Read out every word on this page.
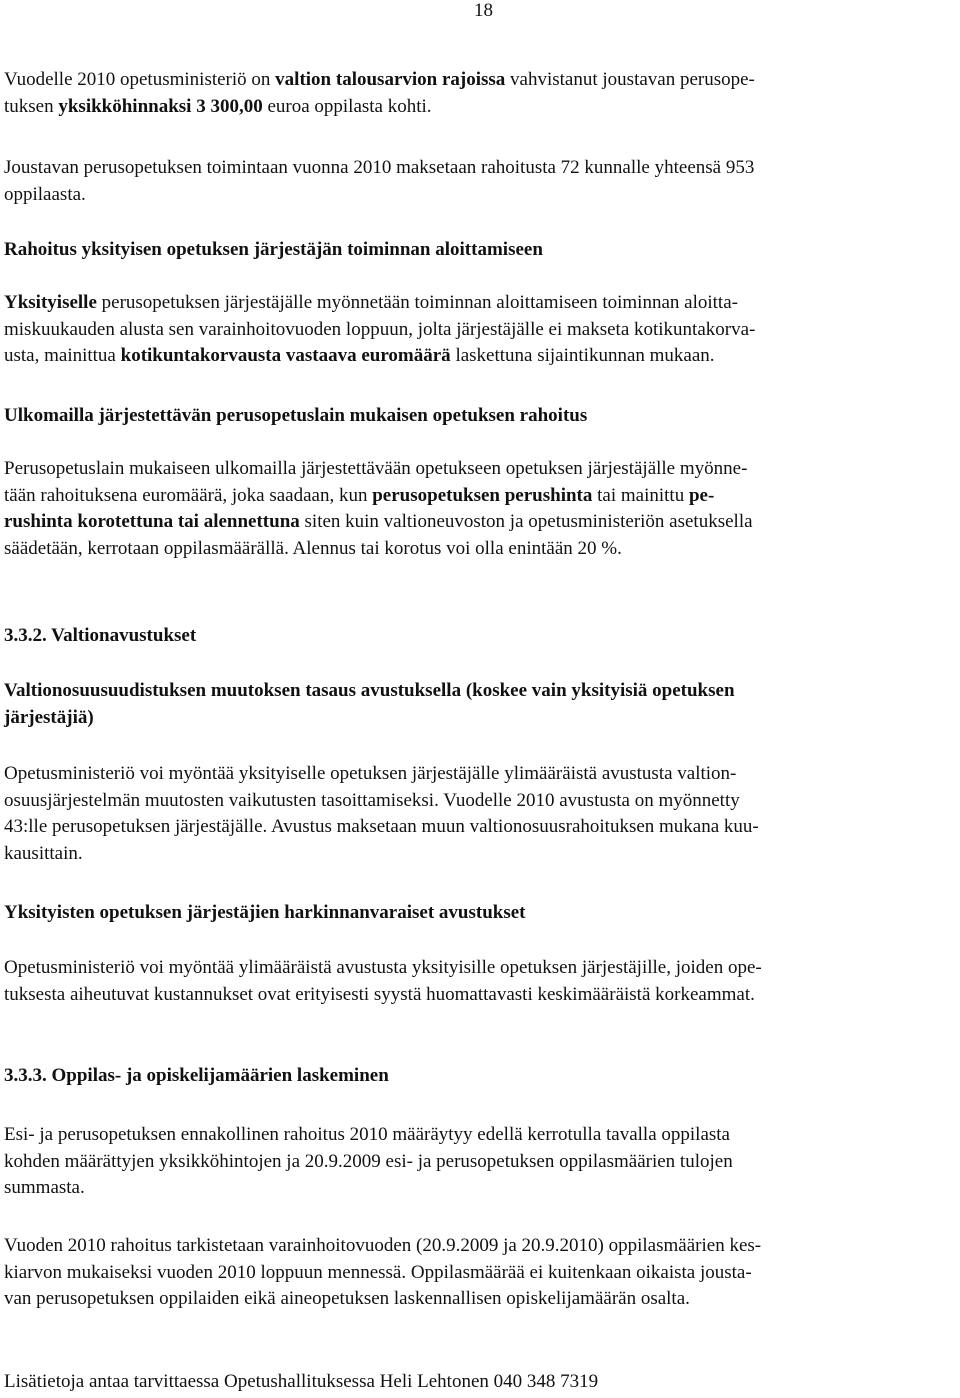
18
Vuodelle 2010 opetusministeriö on valtion talousarvion rajoissa vahvistanut joustavan perusope-
tuksen yksikköhinnaksi 3 300,00 euroa oppilasta kohti.
Joustavan perusopetuksen toimintaan vuonna 2010 maksetaan rahoitusta 72 kunnalle yhteensä 953
oppilaasta.
Rahoitus yksityisen opetuksen järjestäjän toiminnan aloittamiseen
Yksityiselle perusopetuksen järjestäjälle myönnetään toiminnan aloittamiseen toiminnan aloitta-
miskuukauden alusta sen varainhoitovuoden loppuun, jolta järjestäjälle ei makseta kotikuntakorva-
usta, mainittua kotikuntakorvausta vastaava euromäärä laskettuna sijaintikunnan mukaan.
Ulkomailla järjestettävän perusopetuslain mukaisen opetuksen rahoitus
Perusopetuslain mukaiseen ulkomailla järjestettävään opetukseen opetuksen järjestäjälle myönne-
tään rahoituksena euromäärä, joka saadaan, kun perusopetuksen perushinta tai mainittu pe-
rushinta korotettuna tai alennettuna siten kuin valtioneuvoston ja opetusministeriön asetuksella
säädetään, kerrotaan oppilasmäärällä. Alennus tai korotus voi olla enintään 20 %.
3.3.2. Valtionavustukset
Valtionosuusuudistuksen muutoksen tasaus avustuksella (koskee vain yksityisiä opetuksen
järjestäjiä)
Opetusministeriö voi myöntää yksityiselle opetuksen järjestäjälle ylimääräistä avustusta valtion-
osuusjärjestelmän muutosten vaikutusten tasoittamiseksi. Vuodelle 2010 avustusta on myönnetty
43:lle perusopetuksen järjestäjälle. Avustus maksetaan muun valtionosuusrahoituksen mukana kuu-
kausittain.
Yksityisten opetuksen järjestäjien harkinnanvaraiset avustukset
Opetusministeriö voi myöntää ylimääräistä avustusta yksityisille opetuksen järjestäjille, joiden ope-
tuksesta aiheutuvat kustannukset ovat erityisesti syystä huomattavasti keskimääräistä korkeammat.
3.3.3. Oppilas- ja opiskelijamäärien laskeminen
Esi- ja perusopetuksen ennakollinen rahoitus 2010 määräytyy edellä kerrotulla tavalla oppilasta
kohden määrättyjen yksikköhintojen ja 20.9.2009 esi- ja perusopetuksen oppilasmäärien tulojen
summasta.
Vuoden 2010 rahoitus tarkistetaan varainhoitovuoden (20.9.2009 ja 20.9.2010) oppilasmäärien kes-
kiarvon mukaiseksi vuoden 2010 loppuun mennessä. Oppilasmäärää ei kuitenkaan oikaista jousta-
van perusopetuksen oppilaiden eikä aineopetuksen laskennallisen opiskelijamäärän osalta.
Lisätietoja antaa tarvittaessa Opetushallituksessa Heli Lehtonen 040 348 7319
